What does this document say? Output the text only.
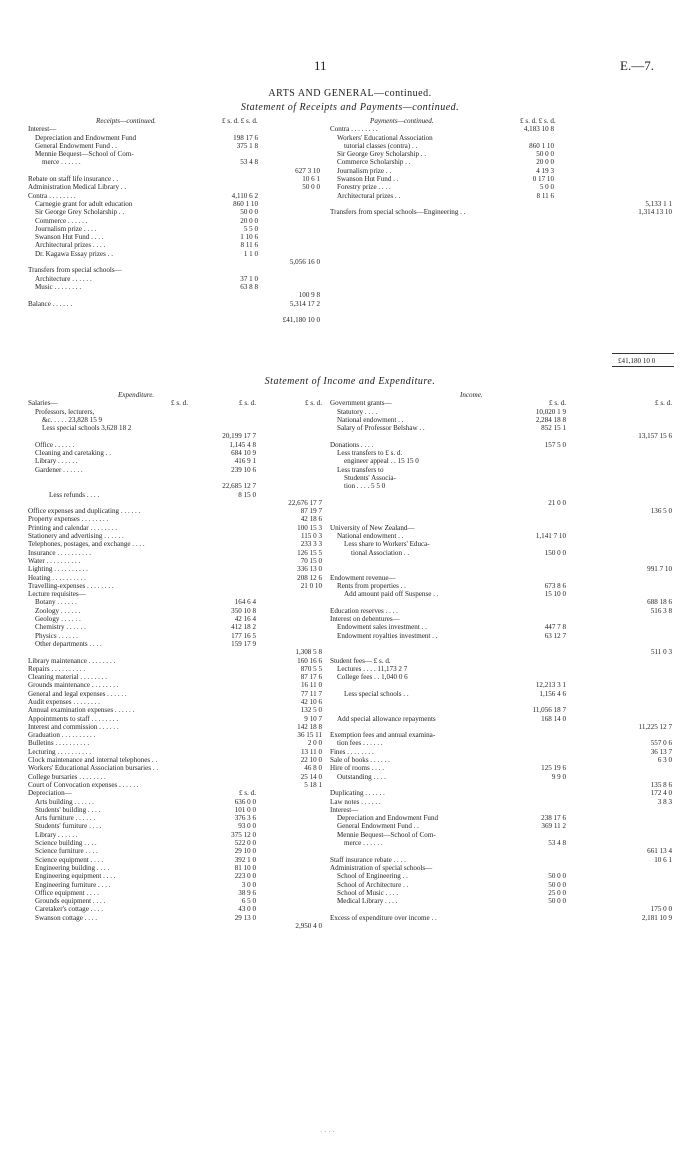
11	E.—7.
ARTS AND GENERAL—continued.
Statement of Receipts and Payments—continued.
Receipts—continued.	£ s. d. £ s. d.
Interest—
Depreciation and Endowment Fund	198 17 6
General Endowment Fund . .	375 1 8
Mennie Bequest—School of Com-
merce . . . . . .	53 4 8
627 3 10
Rebate on staff life insurance . .	10 6 1
Administration Medical Library . .	50 0 0
Contra . . . . . . . .	4,110 6 2
Carnegie grant for adult education	860 1 10
Sir George Grey Scholarship . .	50 0 0
Commerce . . . . . .	20 0 0
Journalism prize . . . .	5 5 0
Swanson Hut Fund . . . .	1 10 6
Architectural prizes . . . .	8 11 6
Dr. Kagawa Essay prizes . .	1 1 0
5,056 16 0
Transfers from special schools—
Architecture . . . . . .	37 1 0
Music . . . . . . . .	63 8 8
100 9 8
Balance . . . . . .	5,314 17 2
£41,180 10 0
Payments—continued.	£ s. d. £ s. d.
Contra . . . . . . . .	4,183 10 8
Workers' Educational Association
tutorial classes (contra) . .	860 1 10
Sir George Grey Scholarship . .	50 0 0
Commerce Scholarship . .	20 0 0
Journalism prize . .	4 19 3
Swanson Hut Fund . .	0 17 10
Forestry prize . . . .	5 0 0
Architectural prizes . .	8 11 6
5,133 1 1
Transfers from special schools—Engineering . .	1,314 13 10
£41,180 10 0
Statement of Income and Expenditure.
Expenditure.
Salaries—	£ s. d.	£ s. d.	£ s. d.
Professors, lecturers,
&c. . . . . 23,828 15 9
Less special schools 3,628 18 2
20,199 17 7
Office . . . . . .	1,145 4 8
Cleaning and caretaking . .	684 10 9
Library . . . . . .	416 9 1
Gardener . . . . . .	239 10 6
22,685 12 7
Less refunds . . . .	8 15 0
22,676 17 7
Office expenses and duplicating . . . . . .	87 19 7
Property expenses . . . . . . . .	42 18 6
Printing and calendar . . . . . . . .	100 15 3
Stationery and advertising . . . . . .	115 0 3
Telephones, postages, and exchange . . . .	233 3 3
Insurance . . . . . . . . . .	126 15 5
Water . . . . . . . . . .	70 15 0
Lighting . . . . . . . . . .	336 13 0
Heating . . . . . . . . . .	208 12 6
Travelling-expenses . . . . . . . .	21 0 10
Lecture requisites—
Botany . . . . . .	164 6 4
Zoology . . . . . .	350 10 8
Geology . . . . . .	42 16 4
Chemistry . . . . . .	412 18 2
Physics . . . . . .	177 16 5
Other departments . . . .	159 17 9
1,308 5 8
Library maintenance . . . . . . . .	160 16 6
Repairs . . . . . . . . . .	870 5 5
Cleaning material . . . . . . . .	87 17 6
Grounds maintenance . . . . . . . .	16 11 0
General and legal expenses . . . . . .	77 11 7
Audit expenses . . . . . . . .	42 10 6
Annual examination expenses . . . . . .	132 5 0
Appointments to staff . . . . . . . .	9 10 7
Interest and commission . . . . . .	142 18 8
Graduation . . . . . . . . . .	36 15 11
Bulletins . . . . . . . . . .	2 0 0
Lecturing . . . . . . . . . .	13 11 0
Clock maintenance and internal telephones . .	22 10 0
Workers' Educational Association bursaries . .	46 8 0
College bursaries . . . . . . . .	25 14 0
Court of Convocation expenses . . . . . .	5 18 1
Depreciation—	£ s. d.
Arts building . . . . . .	636 0 0
Students' building . . . .	101 0 0
Arts furniture . . . . . .	376 3 6
Students' furniture . . . .	93 0 0
Library . . . . . .	375 12 0
Science building . . . .	522 0 0
Science furniture . . . .	29 10 0
Science equipment . . . .	392 1 0
Engineering building . . . .	81 10 0
Engineering equipment . . . .	223 0 0
Engineering furniture . . . .	3 0 0
Office equipment . . . .	38 9 6
Grounds equipment . . . .	6 5 0
Caretaker's cottage . . . .	43 0 0
Swanson cottage . . . .	29 13 0
2,950 4 0
Income.
Government grants—	£ s. d.	£ s. d.
Statutory . . . .	10,020 1 9
National endowment . .	2,284 18 8
Salary of Professor Belshaw . .	852 15 1
13,157 15 6
Donations . . . .	157 5 0
Less transfers to £ s. d.
engineer appeal . . 15 15 0
Less transfers to
Students' Associa-
tion . . . . 5 5 0
21 0 0
136 5 0
University of New Zealand—
National endowment . .	1,141 7 10
Less share to Workers' Educa-
tional Association . .	150 0 0
991 7 10
Endowment revenue—
Rents from properties . .	673 8 6
Add amount paid off Suspense . .	15 10 0
688 18 6
Education reserves . . . .	516 3 8
Interest on debentures—
Endowment sales investment . .	447 7 8
Endowment royalties investment . .	63 12 7
511 0 3
Student fees— £ s. d.
Lectures . . . . 11,173 2 7
College fees . . 1,040 0 6
12,213 3 1
Less special schools . .	1,156 4 6
11,056 18 7
Add special allowance repayments	168 14 0
11,225 12 7
Exemption fees and annual examina-
tion fees . . . . . .	557 0 6
Fines . . . . . . . .	36 13 7
Sale of books . . . . . .	6 3 0
Hire of rooms . . . .	125 19 6
Outstanding . . . .	9 9 0
135 8 6
Duplicating . . . . . .	172 4 0
Law notes . . . . . .	3 8 3
Interest—
Depreciation and Endowment Fund	238 17 6
General Endowment Fund . .	369 11 2
Mennie Bequest—School of Com-
merce . . . . . .	53 4 8
661 13 4
Staff insurance rebate . . . .	10 6 1
Administration of special schools—
School of Engineering . .	50 0 0
School of Architecture . .	50 0 0
School of Music . . . .	25 0 0
Medical Library . . . .	50 0 0
175 0 0
Excess of expenditure over income . .	2,181 10 9
· · · ·
